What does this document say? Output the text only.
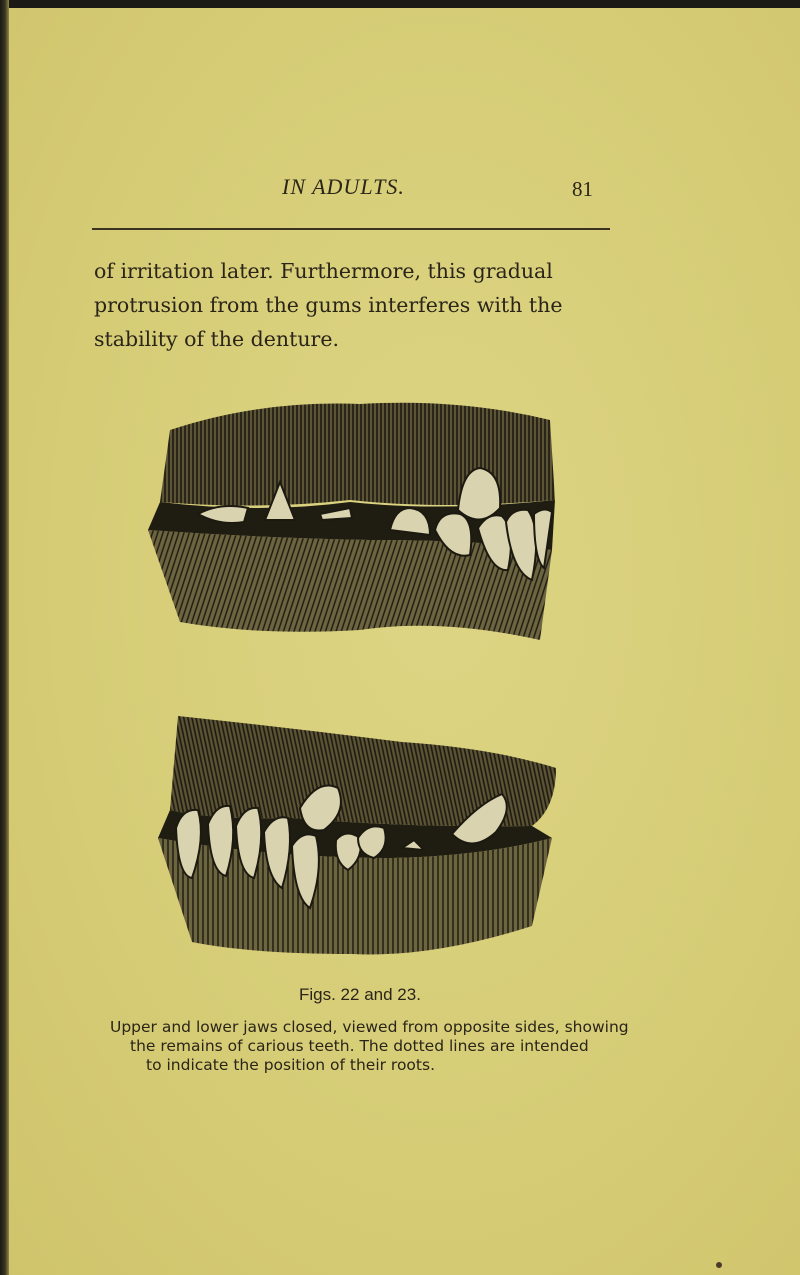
IN ADULTS.	81
of irritation later. Furthermore, this gradual
protrusion from the gums interferes with the
stability of the denture.
Figs. 22 and 23.
Upper and lower jaws closed, viewed from opposite sides, showing
the remains of carious teeth. The dotted lines are intended
to indicate the position of their roots.
